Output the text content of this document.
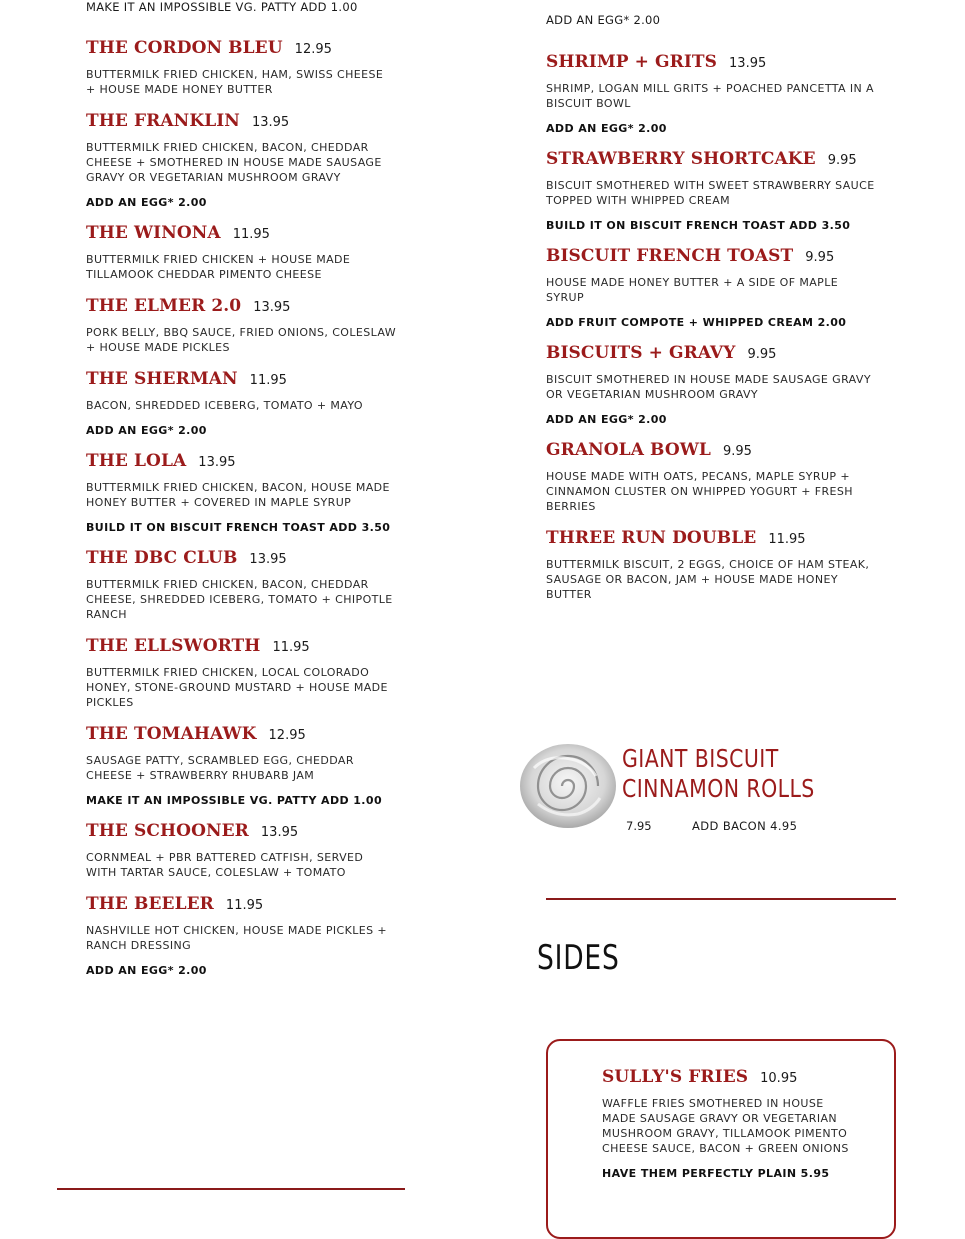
MAKE IT AN IMPOSSIBLE VG. PATTY ADD 1.00
THE CORDON BLEU 12.95
BUTTERMILK FRIED CHICKEN, HAM, SWISS CHEESE + HOUSE MADE HONEY BUTTER
THE FRANKLIN 13.95
BUTTERMILK FRIED CHICKEN, BACON, CHEDDAR CHEESE + SMOTHERED IN HOUSE MADE SAUSAGE GRAVY OR VEGETARIAN MUSHROOM GRAVY
ADD AN EGG* 2.00
THE WINONA 11.95
BUTTERMILK FRIED CHICKEN + HOUSE MADE TILLAMOOK CHEDDAR PIMENTO CHEESE
THE ELMER 2.0 13.95
PORK BELLY, BBQ SAUCE, FRIED ONIONS, COLESLAW + HOUSE MADE PICKLES
THE SHERMAN 11.95
BACON, SHREDDED ICEBERG, TOMATO + MAYO
ADD AN EGG* 2.00
THE LOLA 13.95
BUTTERMILK FRIED CHICKEN, BACON, HOUSE MADE HONEY BUTTER + COVERED IN MAPLE SYRUP
BUILD IT ON BISCUIT FRENCH TOAST ADD 3.50
THE DBC CLUB 13.95
BUTTERMILK FRIED CHICKEN, BACON, CHEDDAR CHEESE, SHREDDED ICEBERG, TOMATO + CHIPOTLE RANCH
THE ELLSWORTH 11.95
BUTTERMILK FRIED CHICKEN, LOCAL COLORADO HONEY, STONE-GROUND MUSTARD + HOUSE MADE PICKLES
THE TOMAHAWK 12.95
SAUSAGE PATTY, SCRAMBLED EGG, CHEDDAR CHEESE + STRAWBERRY RHUBARB JAM
MAKE IT AN IMPOSSIBLE VG. PATTY ADD 1.00
THE SCHOONER 13.95
CORNMEAL + PBR BATTERED CATFISH, SERVED WITH TARTAR SAUCE, COLESLAW + TOMATO
THE BEELER 11.95
NASHVILLE HOT CHICKEN, HOUSE MADE PICKLES + RANCH DRESSING
ADD AN EGG* 2.00
ADD AN EGG* 2.00
SHRIMP + GRITS 13.95
SHRIMP, LOGAN MILL GRITS + POACHED PANCETTA IN A BISCUIT BOWL
ADD AN EGG* 2.00
STRAWBERRY SHORTCAKE 9.95
BISCUIT SMOTHERED WITH SWEET STRAWBERRY SAUCE TOPPED WITH WHIPPED CREAM
BUILD IT ON BISCUIT FRENCH TOAST ADD 3.50
BISCUIT FRENCH TOAST 9.95
HOUSE MADE HONEY BUTTER + A SIDE OF MAPLE SYRUP
ADD FRUIT COMPOTE + WHIPPED CREAM 2.00
BISCUITS + GRAVY 9.95
BISCUIT SMOTHERED IN HOUSE MADE SAUSAGE GRAVY OR VEGETARIAN MUSHROOM GRAVY
ADD AN EGG* 2.00
GRANOLA BOWL 9.95
HOUSE MADE WITH OATS, PECANS, MAPLE SYRUP + CINNAMON CLUSTER ON WHIPPED YOGURT + FRESH BERRIES
THREE RUN DOUBLE 11.95
BUTTERMILK BISCUIT, 2 EGGS, CHOICE OF HAM STEAK, SAUSAGE OR BACON, JAM + HOUSE MADE HONEY BUTTER
GIANT BISCUIT
CINNAMON ROLLS
7.95	ADD BACON 4.95
SIDES
SULLY'S FRIES 10.95
WAFFLE FRIES SMOTHERED IN HOUSE MADE SAUSAGE GRAVY OR VEGETARIAN MUSHROOM GRAVY, TILLAMOOK PIMENTO CHEESE SAUCE, BACON + GREEN ONIONS
HAVE THEM PERFECTLY PLAIN 5.95
